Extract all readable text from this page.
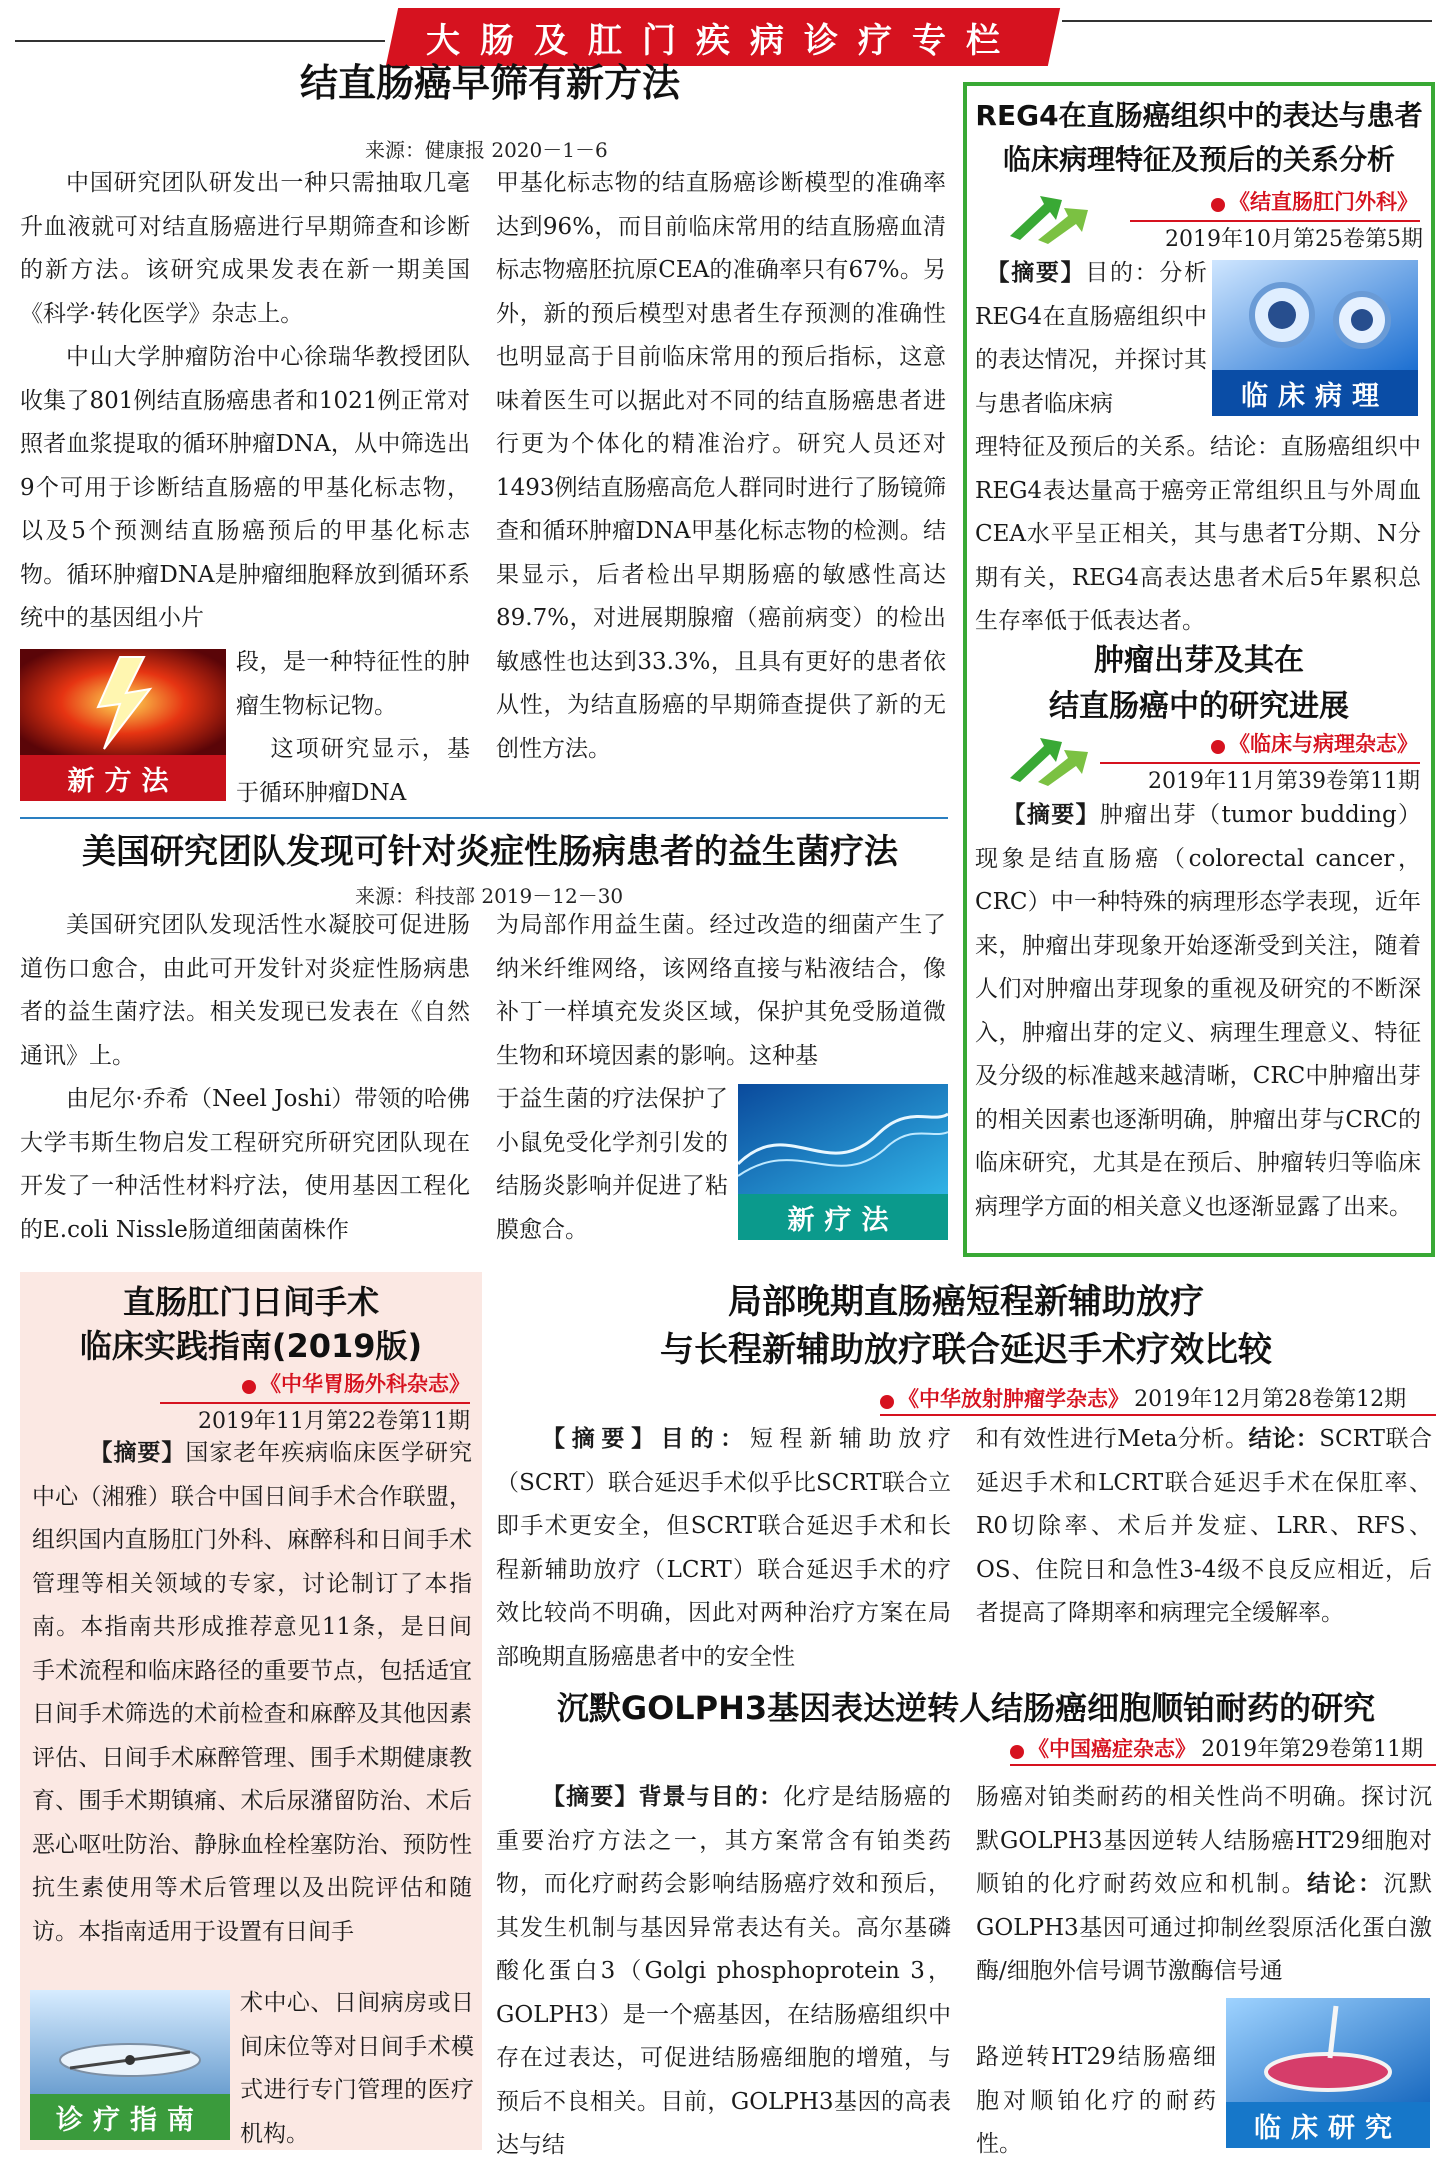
大肠及肛门疾病诊疗专栏
结直肠癌早筛有新方法
来源：健康报 2020－1－6

中国研究团队研发出一种只需抽取几毫升血液就可对结直肠癌进行早期筛查和诊断的新方法。该研究成果发表在新一期美国《科学·转化医学》杂志上。

中山大学肿瘤防治中心徐瑞华教授团队收集了801例结直肠癌患者和1021例正常对照者血浆提取的循环肿瘤DNA，从中筛选出9个可用于诊断结直肠癌的甲基化标志物，以及5个预测结直肠癌预后的甲基化标志物。循环肿瘤DNA是肿瘤细胞释放到循环系统中的基因组小片

新方法

段，是一种特征性的肿瘤生物标记物。

这项研究显示，基于循环肿瘤DNA

甲基化标志物的结直肠癌诊断模型的准确率达到96%，而目前临床常用的结直肠癌血清标志物癌胚抗原CEA的准确率只有67%。另外，新的预后模型对患者生存预测的准确性也明显高于目前临床常用的预后指标，这意味着医生可以据此对不同的结直肠癌患者进行更为个体化的精准治疗。研究人员还对1493例结直肠癌高危人群同时进行了肠镜筛查和循环肿瘤DNA甲基化标志物的检测。结果显示，后者检出早期肠癌的敏感性高达89.7%，对进展期腺瘤（癌前病变）的检出敏感性也达到33.3%，且具有更好的患者依从性，为结直肠癌的早期筛查提供了新的无创性方法。

美国研究团队发现可针对炎症性肠病患者的益生菌疗法
来源：科技部 2019－12－30

美国研究团队发现活性水凝胶可促进肠道伤口愈合，由此可开发针对炎症性肠病患者的益生菌疗法。相关发现已发表在《自然通讯》上。

由尼尔·乔希（Neel Joshi）带领的哈佛大学韦斯生物启发工程研究所研究团队现在开发了一种活性材料疗法，使用基因工程化的E.coli Nissle肠道细菌菌株作

为局部作用益生菌。经过改造的细菌产生了纳米纤维网络，该网络直接与粘液结合，像补丁一样填充发炎区域，保护其免受肠道微生物和环境因素的影响。这种基

于益生菌的疗法保护了小鼠免受化学剂引发的结肠炎影响并促进了粘膜愈合。	新疗法
REG4在直肠癌组织中的表达与患者
临床病理特征及预后的关系分析
《结直肠肛门外科》
2019年10月第25卷第5期

【摘要】目的：分析REG4在直肠癌组织中的表达情况，并探讨其与患者临床病	临床病理

理特征及预后的关系。结论：直肠癌组织中REG4表达量高于癌旁正常组织且与外周血CEA水平呈正相关，其与患者T分期、N分期有关，REG4高表达患者术后5年累积总生存率低于低表达者。

肿瘤出芽及其在
结直肠癌中的研究进展
《临床与病理杂志》
2019年11月第39卷第11期

【摘要】肿瘤出芽（tumor budding）现象是结直肠癌（colorectal cancer，CRC）中一种特殊的病理形态学表现，近年来，肿瘤出芽现象开始逐渐受到关注，随着人们对肿瘤出芽现象的重视及研究的不断深入，肿瘤出芽的定义、病理生理意义、特征及分级的标准越来越清晰，CRC中肿瘤出芽的相关因素也逐渐明确，肿瘤出芽与CRC的临床研究，尤其是在预后、肿瘤转归等临床病理学方面的相关意义也逐渐显露了出来。

直肠肛门日间手术
临床实践指南(2019版)
《中华胃肠外科杂志》
2019年11月第22卷第11期

【摘要】国家老年疾病临床医学研究中心（湘雅）联合中国日间手术合作联盟，组织国内直肠肛门外科、麻醉科和日间手术管理等相关领域的专家，讨论制订了本指南。本指南共形成推荐意见11条，是日间手术流程和临床路径的重要节点，包括适宜日间手术筛选的术前检查和麻醉及其他因素评估、日间手术麻醉管理、围手术期健康教育、围手术期镇痛、术后尿潴留防治、术后恶心呕吐防治、静脉血栓栓塞防治、预防性抗生素使用等术后管理以及出院评估和随访。本指南适用于设置有日间手

诊疗指南

术中心、日间病房或日间床位等对日间手术模式进行专门管理的医疗机构。

局部晚期直肠癌短程新辅助放疗
与长程新辅助放疗联合延迟手术疗效比较
《中华放射肿瘤学杂志》 2019年12月第28卷第12期

【摘要】目的：短程新辅助放疗（SCRT）联合延迟手术似乎比SCRT联合立即手术更安全，但SCRT联合延迟手术和长程新辅助放疗（LCRT）联合延迟手术的疗效比较尚不明确，因此对两种治疗方案在局部晚期直肠癌患者中的安全性

和有效性进行Meta分析。结论：SCRT联合延迟手术和LCRT联合延迟手术在保肛率、R0切除率、术后并发症、LRR、RFS、OS、住院日和急性3-4级不良反应相近，后者提高了降期率和病理完全缓解率。

沉默GOLPH3基因表达逆转人结肠癌细胞顺铂耐药的研究
《中国癌症杂志》 2019年第29卷第11期

【摘要】背景与目的：化疗是结肠癌的重要治疗方法之一，其方案常含有铂类药物，而化疗耐药会影响结肠癌疗效和预后，其发生机制与基因异常表达有关。高尔基磷酸化蛋白3（Golgi phosphoprotein 3，GOLPH3）是一个癌基因，在结肠癌组织中存在过表达，可促进结肠癌细胞的增殖，与预后不良相关。目前，GOLPH3基因的高表达与结

肠癌对铂类耐药的相关性尚不明确。探讨沉默GOLPH3基因逆转人结肠癌HT29细胞对顺铂的化疗耐药效应和机制。结论：沉默GOLPH3基因可通过抑制丝裂原活化蛋白激酶/细胞外信号调节激酶信号通

路逆转HT29结肠癌细胞对顺铂化疗的耐药性。

临床研究
